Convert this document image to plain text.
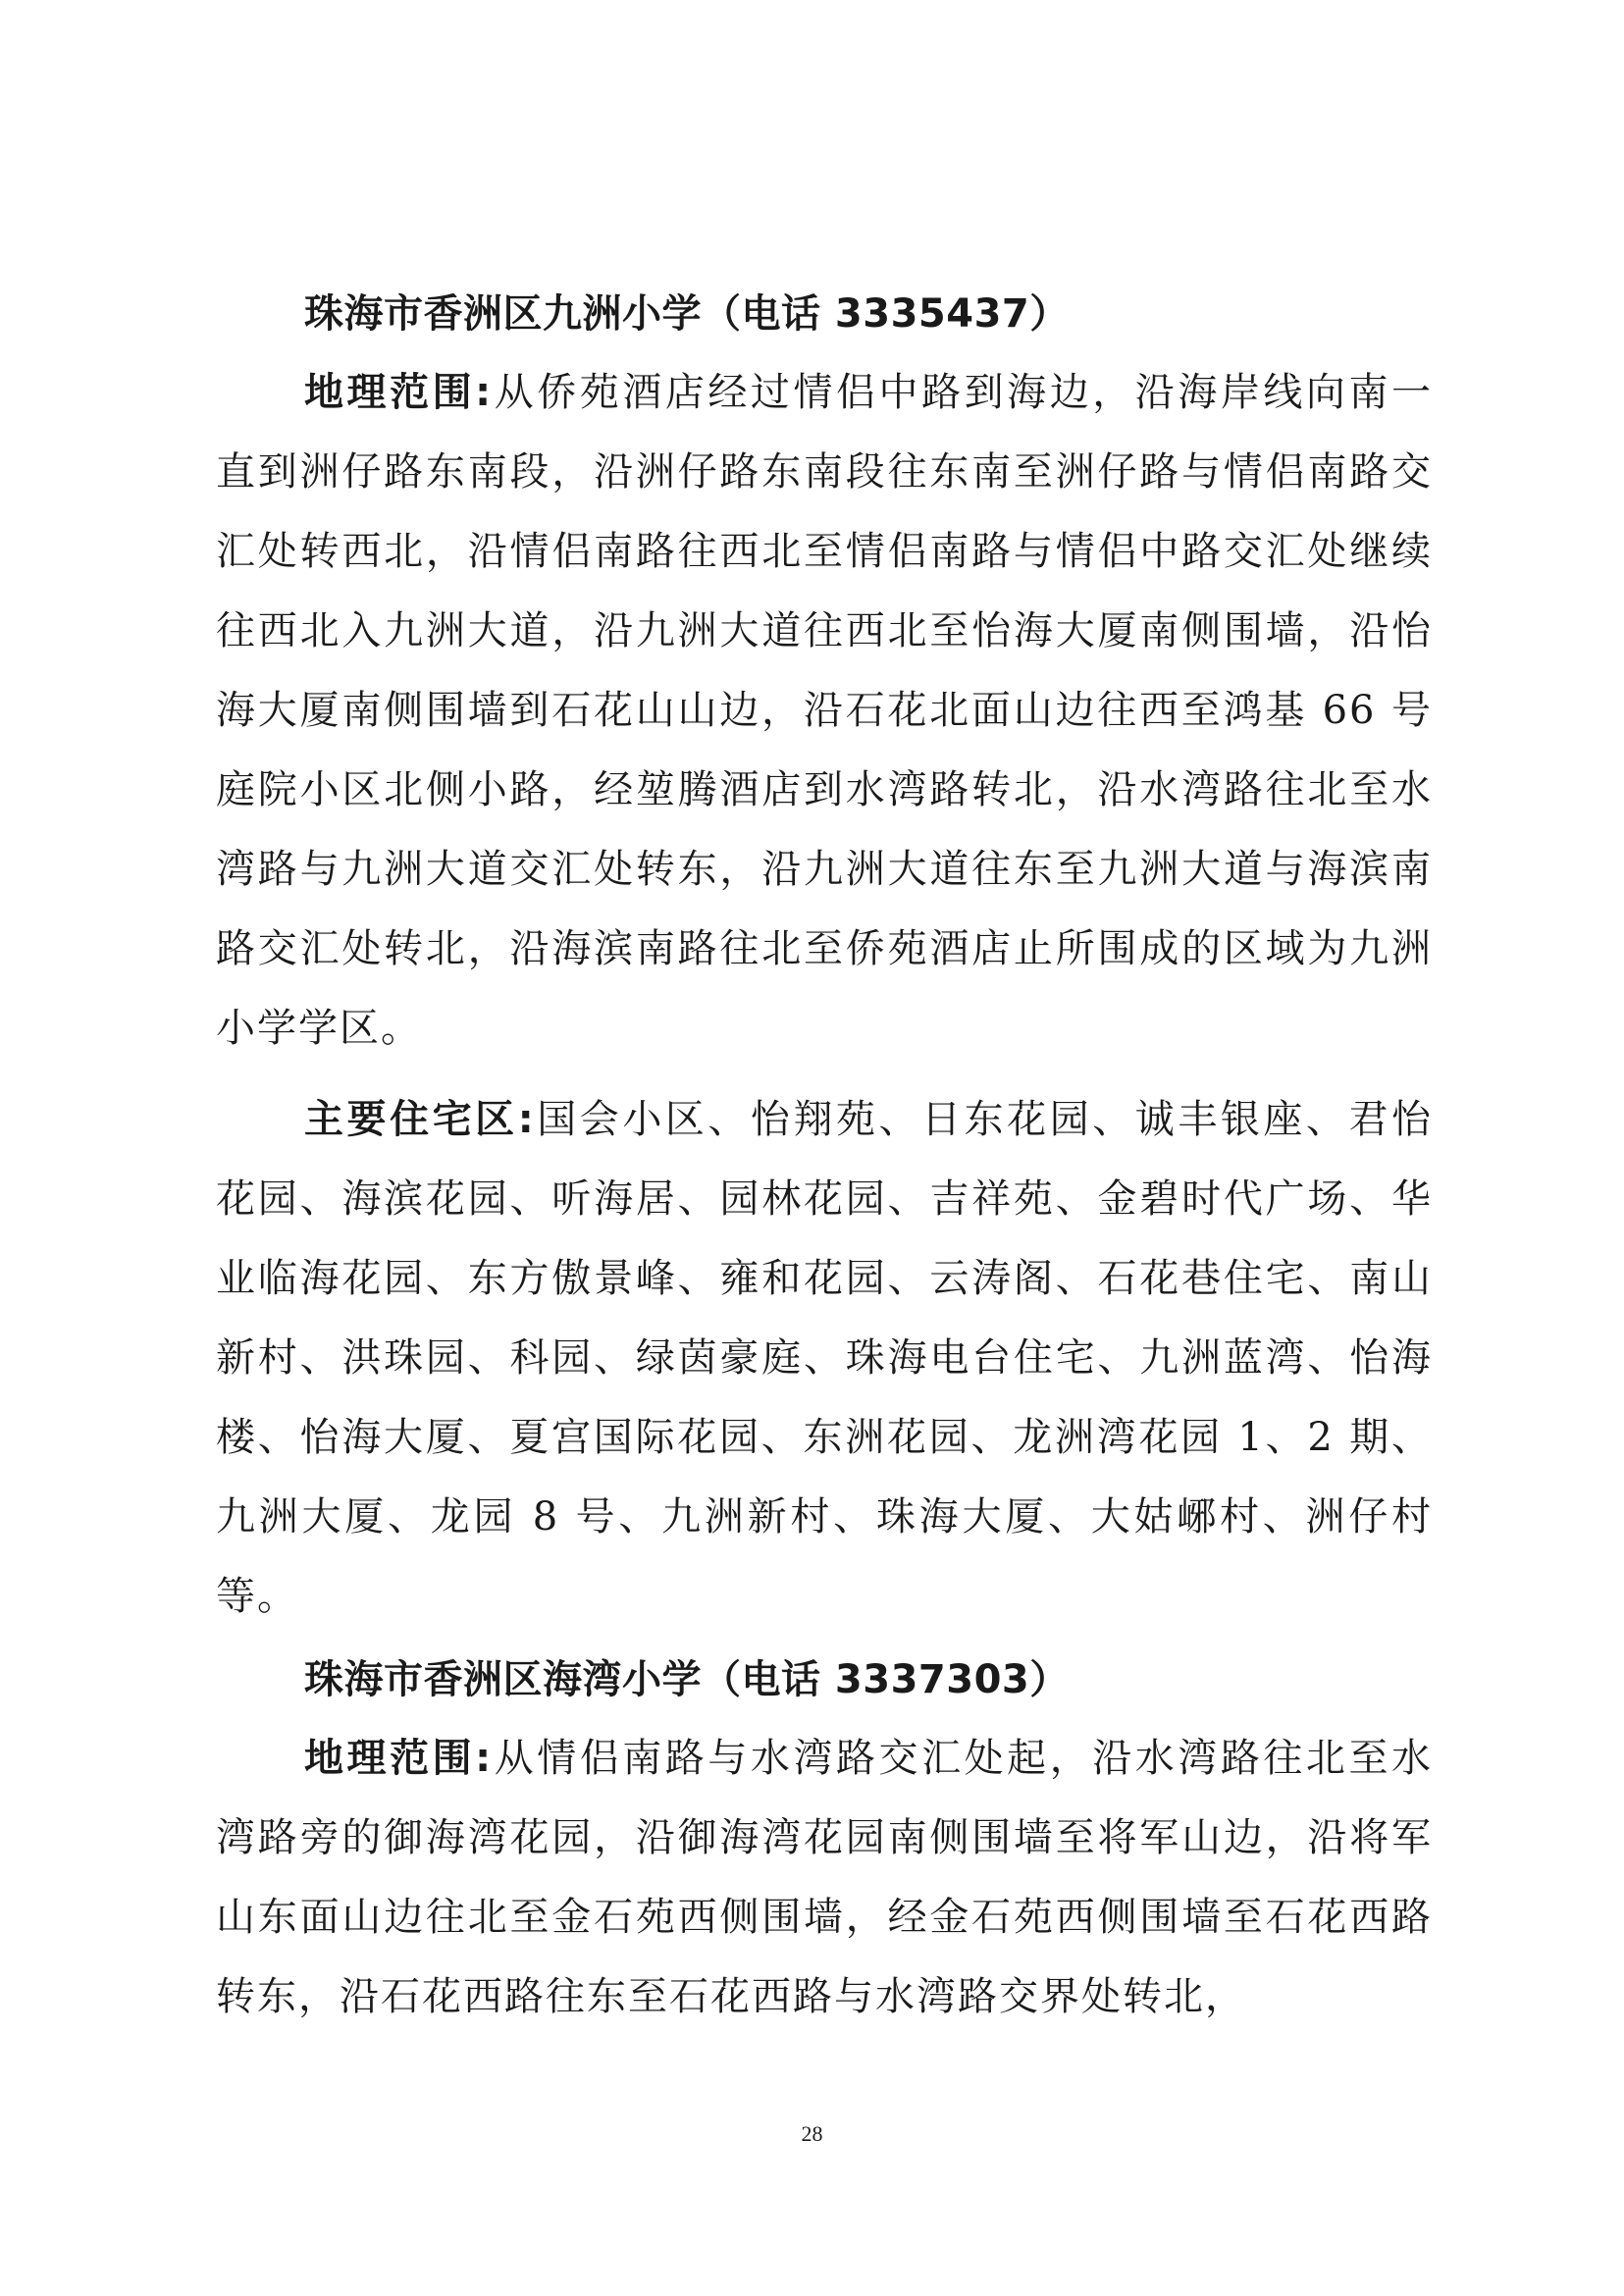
珠海市香洲区九洲小学（电话 3335437）

地理范围:从侨苑酒店经过情侣中路到海边，沿海岸线向南一直到洲仔路东南段，沿洲仔路东南段往东南至洲仔路与情侣南路交汇处转西北，沿情侣南路往西北至情侣南路与情侣中路交汇处继续往西北入九洲大道，沿九洲大道往西北至怡海大厦南侧围墙，沿怡海大厦南侧围墙到石花山山边，沿石花北面山边往西至鸿基 66 号庭院小区北侧小路，经堃腾酒店到水湾路转北，沿水湾路往北至水湾路与九洲大道交汇处转东，沿九洲大道往东至九洲大道与海滨南路交汇处转北，沿海滨南路往北至侨苑酒店止所围成的区域为九洲小学学区。

主要住宅区:国会小区、怡翔苑、日东花园、诚丰银座、君怡花园、海滨花园、听海居、园林花园、吉祥苑、金碧时代广场、华业临海花园、东方傲景峰、雍和花园、云涛阁、石花巷住宅、南山新村、洪珠园、科园、绿茵豪庭、珠海电台住宅、九洲蓝湾、怡海楼、怡海大厦、夏宫国际花园、东洲花园、龙洲湾花园 1、2 期、九洲大厦、龙园 8 号、九洲新村、珠海大厦、大姑峫村、洲仔村等。

珠海市香洲区海湾小学（电话 3337303）

地理范围:从情侣南路与水湾路交汇处起，沿水湾路往北至水湾路旁的御海湾花园，沿御海湾花园南侧围墙至将军山边，沿将军山东面山边往北至金石苑西侧围墙，经金石苑西侧围墙至石花西路转东，沿石花西路往东至石花西路与水湾路交界处转北，

28
